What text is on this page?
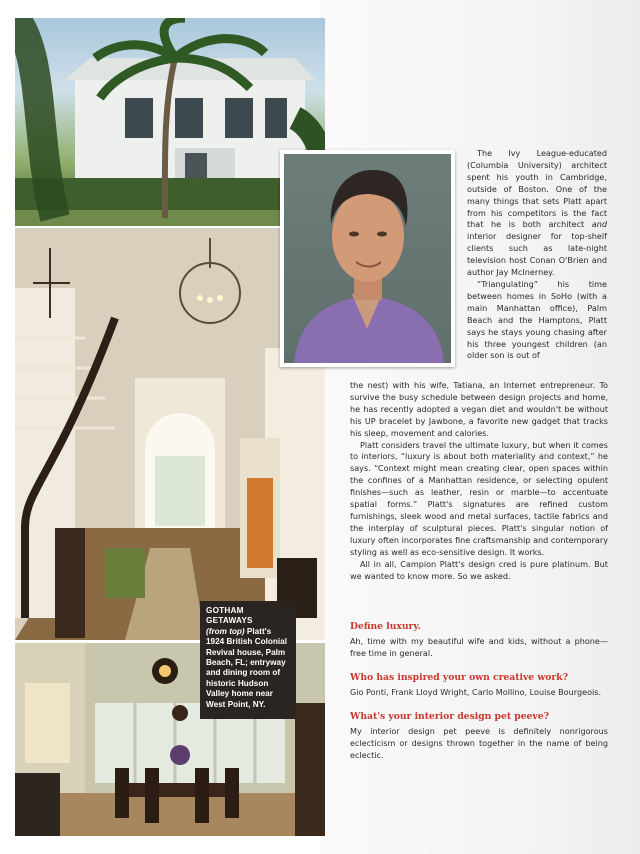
GOTHAM GETAWAYS
(from top) Platt's 1924 British Colonial Revival house, Palm Beach, FL; entryway and dining room of historic Hudson Valley home near West Point, NY.

The Ivy League-educated (Columbia University) architect spent his youth in Cambridge, outside of Boston. One of the many things that sets Platt apart from his competitors is the fact that he is both architect and interior designer for top-shelf clients such as late-night television host Conan O'Brien and author Jay McInerney.

“Triangulating” his time between homes in SoHo (with a main Manhattan office), Palm Beach and the Hamptons, Platt says he stays young chasing after his three youngest children (an older son is out of

the nest) with his wife, Tatiana, an Internet entrepreneur. To survive the busy schedule between design projects and home, he has recently adopted a vegan diet and wouldn't be without his UP bracelet by Jawbone, a favorite new gadget that tracks his sleep, movement and calories.

Platt considers travel the ultimate luxury, but when it comes to interiors, “luxury is about both materiality and context,” he says. “Context might mean creating clear, open spaces within the confines of a Manhattan residence, or selecting opulent finishes—such as leather, resin or marble—to accentuate spatial forms.” Platt's signatures are refined custom furnishings, sleek wood and metal surfaces, tactile fabrics and the interplay of sculptural pieces. Platt's singular notion of luxury often incorporates fine craftsmanship and contemporary styling as well as eco-sensitive design. It works.

All in all, Campion Platt's design cred is pure platinum. But we wanted to know more. So we asked.

Define luxury.

Ah, time with my beautiful wife and kids, without a phone—free time in general.

Who has inspired your own creative work?

Gio Ponti, Frank Lloyd Wright, Carlo Mollino, Louise Bourgeois.

What's your interior design pet peeve?

My interior design pet peeve is definitely nonrigorous eclecticism or designs thrown together in the name of being eclectic.
